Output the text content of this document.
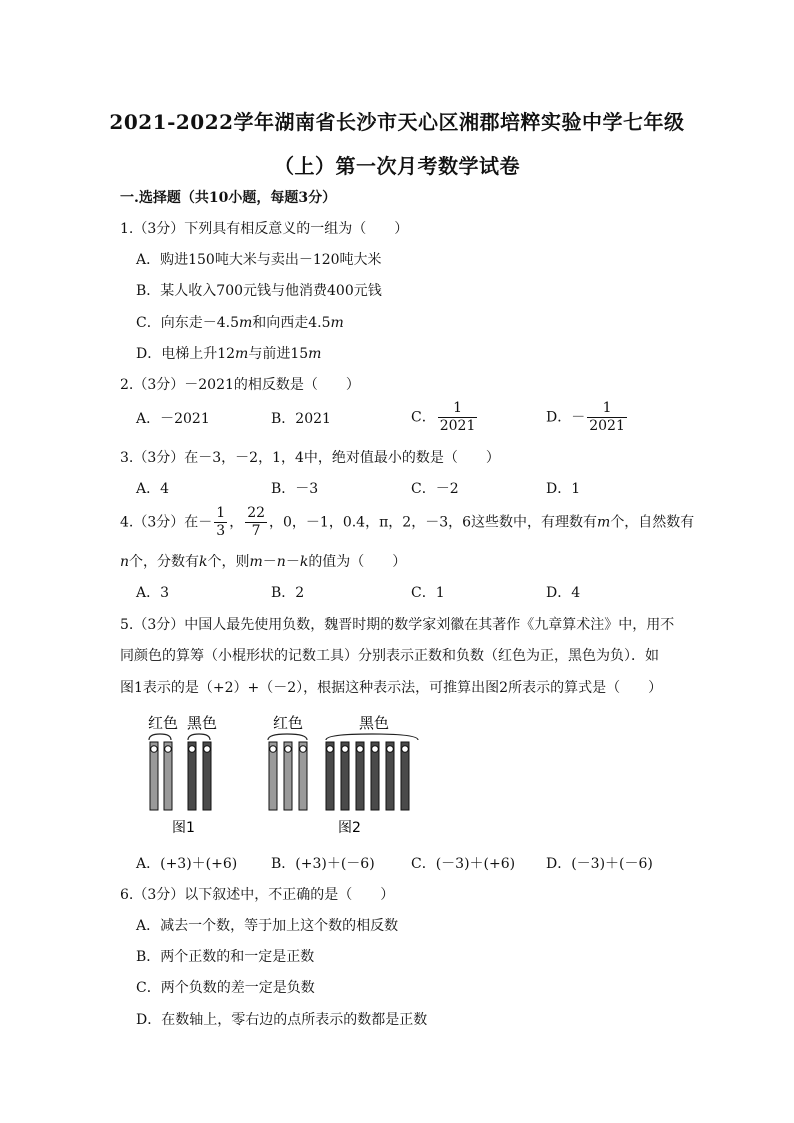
2021-2022学年湖南省长沙市天心区湘郡培粹实验中学七年级
（上）第一次月考数学试卷
一.选择题（共10小题，每题3分）
1.（3分）下列具有相反意义的一组为（　　）
A．购进150吨大米与卖出－120吨大米
B．某人收入700元钱与他消费400元钱
C．向东走－4.5m和向西走4.5m
D．电梯上升12m与前进15m
2.（3分）－2021的相反数是（　　）
A．－2021	B．2021	C． $\frac{1}{2021}$	D．－ $\frac{1}{2021}$
3.（3分）在－3，－2，1，4中，绝对值最小的数是（　　）
A．4	B．－3	C．－2	D．1
4.（3分）在－ $\frac{1}{3}$ ， $\frac{22}{7}$ ，0，－1，0.4，π，2，－3，6这些数中，有理数有m个，自然数有
n个，分数有k个，则m－n－k的值为（　　）
A．3	B．2	C．1	D．4
5.（3分）中国人最先使用负数，魏晋时期的数学家刘徽在其著作《九章算术注》中，用不
同颜色的算筹（小棍形状的记数工具）分别表示正数和负数（红色为正，黑色为负）．如
图1表示的是（+2）+（－2），根据这种表示法，可推算出图2所表示的算式是（　　）
红色 黑色
图1
红色	黑色
图2
A．(+3)＋(+6) B．(+3)＋(－6)	C．(－3)＋(+6) D．(－3)＋(－6)
6.（3分）以下叙述中，不正确的是（　　）
A．减去一个数，等于加上这个数的相反数
B．两个正数的和一定是正数
C．两个负数的差一定是负数
D．在数轴上，零右边的点所表示的数都是正数
